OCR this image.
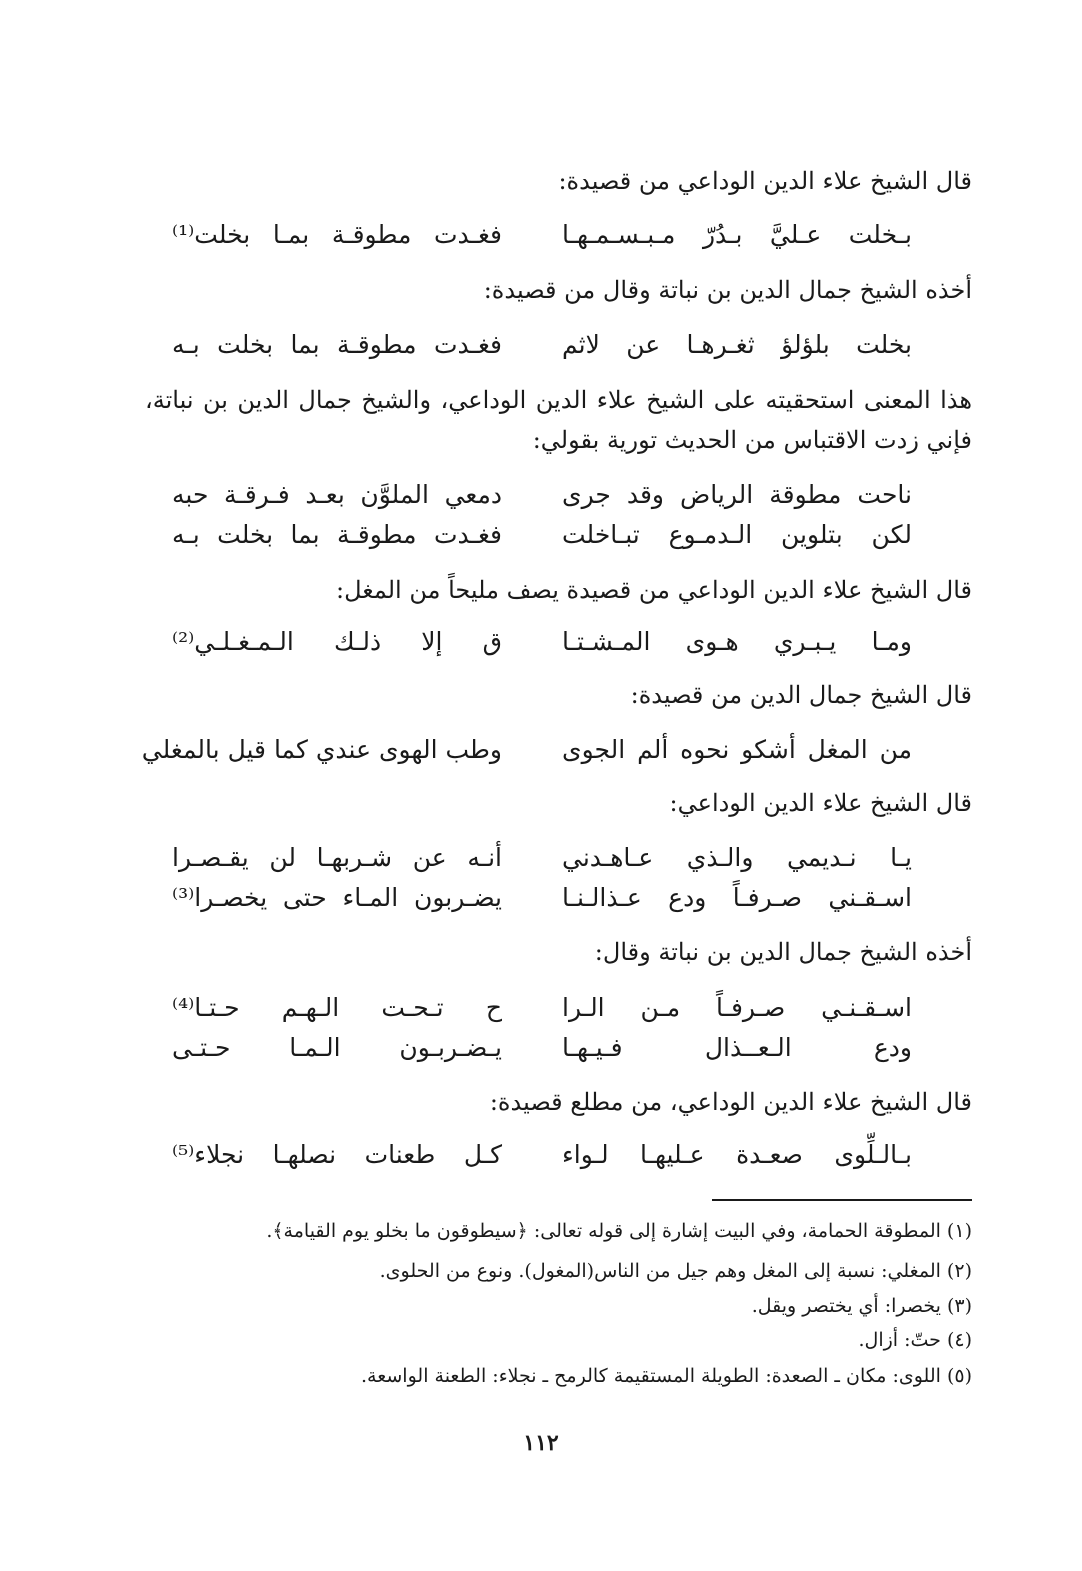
قال الشيخ علاء الدين الوداعي من قصيدة:
بـخلت عـليَّ بـدُرّ مـبـسـمـهـا
فغـدت مطوقـة بمـا بخلت⁽¹⁾
أخذه الشيخ جمال الدين بن نباتة وقال من قصيدة:
بخلت بلؤلؤ ثغـرهـا عن لاثم
فغـدت مطوقـة بما بخلت بـه
هذا المعنى استحقيته على الشيخ علاء الدين الوداعي، والشيخ جمال الدين بن نباتة، فإني زدت الاقتباس من الحديث تورية بقولي:
ناحت مطوقة الرياض وقد جرى
دمعي الملوَّن بعـد فـرقـة حبه
لكن بتلوين الـدمـوع تبـاخلت
فغـدت مطوقـة بما بخلت بـه
قال الشيخ علاء الدين الوداعي من قصيدة يصف مليحاً من المغل:
ومـا يـبـري هـوى المـشـتـا
ق إلا ذلـك الـمـغـلـي⁽²⁾
قال الشيخ جمال الدين من قصيدة:
من المغل أشكو نحوه ألم الجوى
وطب الهوى عندي كما قيل بالمغلي
قال الشيخ علاء الدين الوداعي:
يـا نـديمي والـذي عـاهـدني
أنـه عن شـربهـا لن يقـصـرا
اسـقـني صـرفـاً ودع عـذالـنـا
يضـربون المـاء حتى يخصـرا⁽³⁾
أخذه الشيخ جمال الدين بن نباتة وقال:
اسـقـنـي صـرفـاً مـن الـرا
ح تـحـت الـهـم حـتـا⁽⁴⁾
ودع الـعــذال فـيـهـا
يـضـربـون الـمـا حـتـى
قال الشيخ علاء الدين الوداعي، من مطلع قصيدة:
بـالـلِّوى صعـدة عـليهـا لـواء
كـل طعنات نصلهـا نجلاء⁽⁵⁾
(١) المطوقة الحمامة، وفي البيت إشارة إلى قوله تعالى: ﴿سيطوقون ما بخلو يوم القيامة﴾.
(٢) المغلي: نسبة إلى المغل وهم جيل من الناس(المغول). ونوع من الحلوى.
(٣) يخصرا: أي يختصر ويقل.
(٤) حتّ: أزال.
(٥) اللوى: مكان ـ الصعدة: الطويلة المستقيمة كالرمح ـ نجلاء: الطعنة الواسعة.
١١٢
